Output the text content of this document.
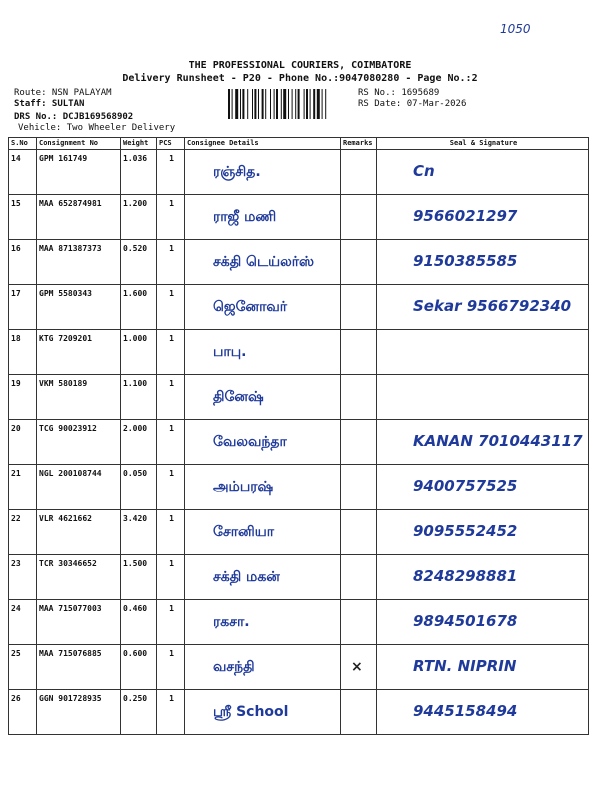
1050
THE PROFESSIONAL COURIERS, COIMBATORE
Delivery Runsheet - P20 - Phone No.:9047080280 - Page No.:2
Route: NSN PALAYAM
Staff: SULTAN
DRS No.: DCJB169568902
Vehicle: Two Wheeler Delivery
RS No.: 1695689
RS Date: 07-Mar-2026
S.No	Consignment No	Weight	PCS	Consignee Details	Remarks	Seal & Signature

14	GPM 161749	1.036	1	ரஞ்சித.		Cn

15	MAA 652874981	1.200	1	ராஜீ மணி		9566021297

16	MAA 871387373	0.520	1	சக்தி டெய்லர்ஸ்		9150385585

17	GPM 5580343	1.600	1	ஜெனோவர்		Sekar 9566792340

18	KTG 7209201	1.000	1	பாபு.		

19	VKM 580189	1.100	1	தினேஷ்		

20	TCG 90023912	2.000	1	வேலவந்தா		KANAN 7010443117

21	NGL 200108744	0.050	1	அம்பரஷ்		9400757525

22	VLR 4621662	3.420	1	சோனியா		9095552452

23	TCR 30346652	1.500	1	சக்தி மகன்		8248298881

24	MAA 715077003	0.460	1	ரகசா.		9894501678

25	MAA 715076885	0.600	1	வசந்தி	×	RTN. NIPRIN

26	GGN 901728935	0.250	1	ஸ்ரீ School		9445158494
